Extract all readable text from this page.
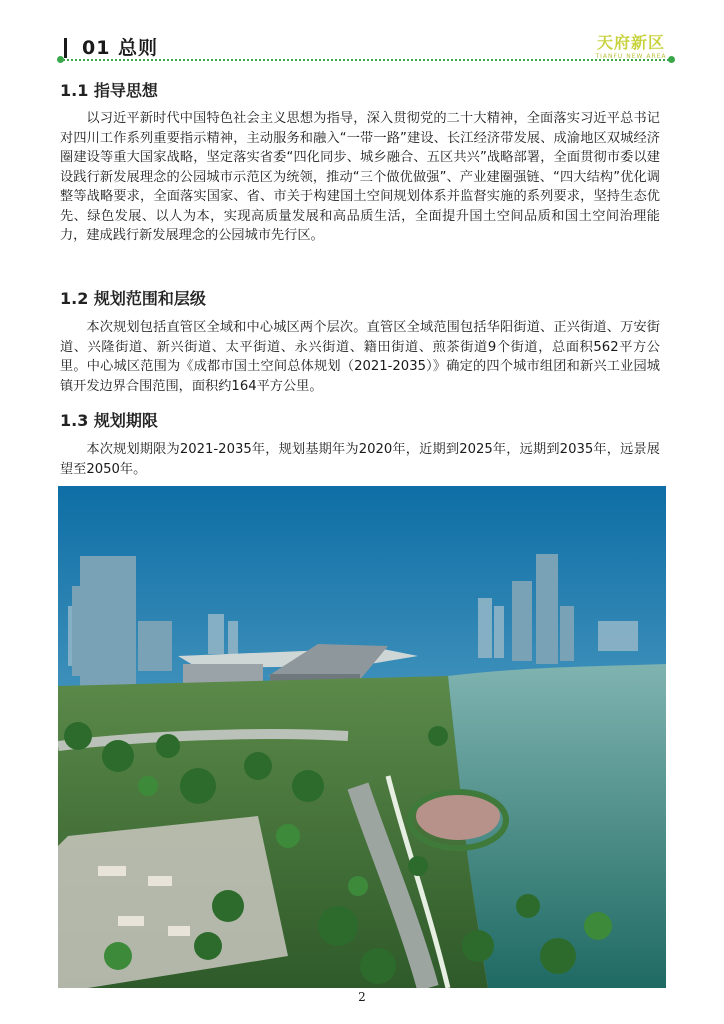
01 总则	天府新区
TIANFU NEW AREA
1.1 指导思想

以习近平新时代中国特色社会主义思想为指导，深入贯彻党的二十大精神，全面落实习近平总书记对四川工作系列重要指示精神，主动服务和融入“一带一路”建设、长江经济带发展、成渝地区双城经济圈建设等重大国家战略，坚定落实省委“四化同步、城乡融合、五区共兴”战略部署，全面贯彻市委以建设践行新发展理念的公园城市示范区为统领，推动“三个做优做强”、产业建圈强链、“四大结构”优化调整等战略要求，全面落实国家、省、市关于构建国土空间规划体系并监督实施的系列要求，坚持生态优先、绿色发展、以人为本，实现高质量发展和高品质生活，全面提升国土空间品质和国土空间治理能力，建成践行新发展理念的公园城市先行区。

1.2 规划范围和层级

本次规划包括直管区全域和中心城区两个层次。直管区全域范围包括华阳街道、正兴街道、万安街道、兴隆街道、新兴街道、太平街道、永兴街道、籍田街道、煎茶街道9个街道，总面积562平方公里。中心城区范围为《成都市国土空间总体规划（2021-2035）》确定的四个城市组团和新兴工业园城镇开发边界合围范围，面积约164平方公里。

1.3 规划期限

本次规划期限为2021-2035年，规划基期年为2020年，近期到2025年，远期到2035年，远景展望至2050年。

2
